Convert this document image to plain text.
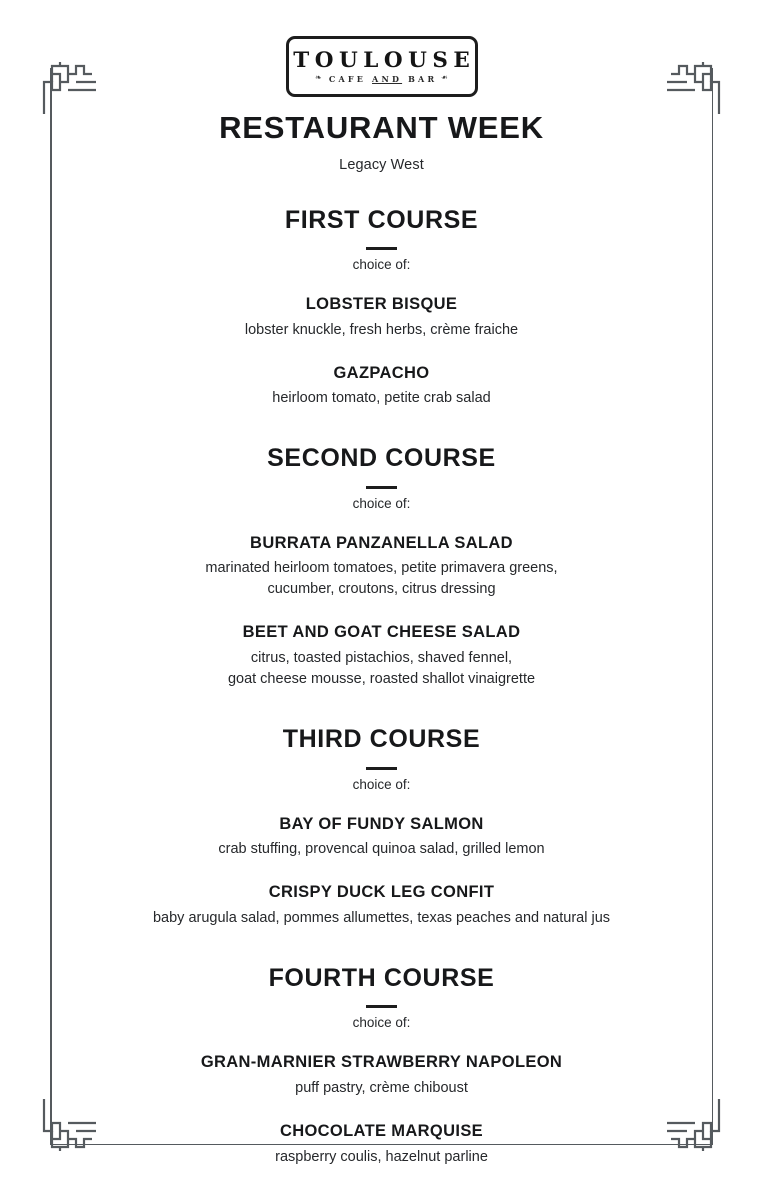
TOULOUSE
❧ CAFE AND BAR ❧
RESTAURANT WEEK

Legacy West

FIRST COURSE

choice of:

LOBSTER BISQUE

lobster knuckle, fresh herbs, crème fraiche

GAZPACHO

heirloom tomato, petite crab salad

SECOND COURSE

choice of:

BURRATA PANZANELLA SALAD

marinated heirloom tomatoes, petite primavera greens,
cucumber, croutons, citrus dressing

BEET AND GOAT CHEESE SALAD

citrus, toasted pistachios, shaved fennel,
goat cheese mousse, roasted shallot vinaigrette

THIRD COURSE

choice of:

BAY OF FUNDY SALMON

crab stuffing, provencal quinoa salad, grilled lemon

CRISPY DUCK LEG CONFIT

baby arugula salad, pommes allumettes, texas peaches and natural jus

FOURTH COURSE

choice of:

GRAN-MARNIER STRAWBERRY NAPOLEON

puff pastry, crème chiboust

CHOCOLATE MARQUISE

raspberry coulis, hazelnut parline
